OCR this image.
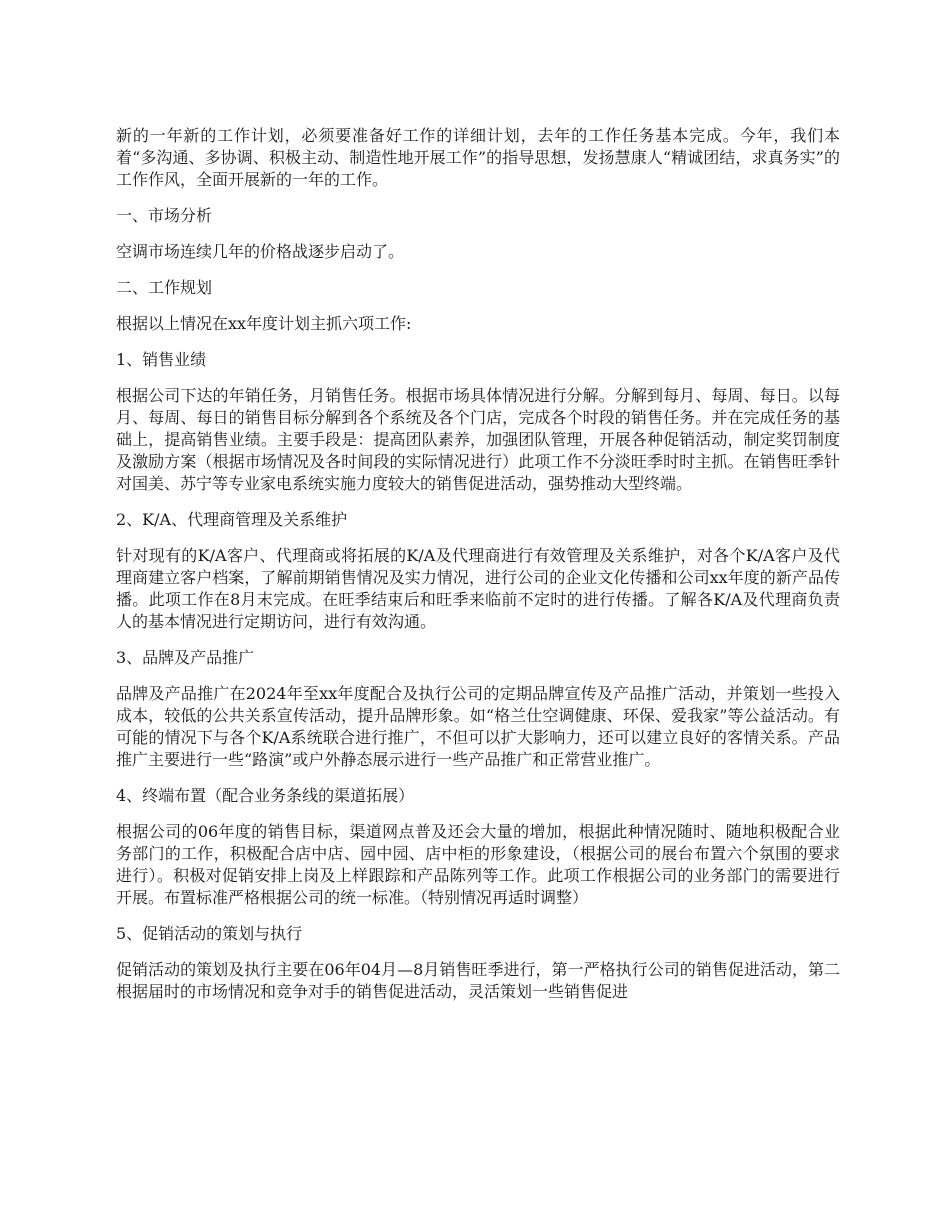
新的一年新的工作计划，必须要准备好工作的详细计划，去年的工作任务基本完成。今年，我们本着“多沟通、多协调、积极主动、制造性地开展工作”的指导思想，发扬慧康人“精诚团结，求真务实”的工作作风，全面开展新的一年的工作。

一、市场分析

空调市场连续几年的价格战逐步启动了。

二、工作规划

根据以上情况在xx年度计划主抓六项工作:

1、销售业绩

根据公司下达的年销任务，月销售任务。根据市场具体情况进行分解。分解到每月、每周、每日。以每月、每周、每日的销售目标分解到各个系统及各个门店，完成各个时段的销售任务。并在完成任务的基础上，提高销售业绩。主要手段是：提高团队素养，加强团队管理，开展各种促销活动，制定奖罚制度及激励方案（根据市场情况及各时间段的实际情况进行）此项工作不分淡旺季时时主抓。在销售旺季针对国美、苏宁等专业家电系统实施力度较大的销售促进活动，强势推动大型终端。

2、K/A、代理商管理及关系维护

针对现有的K/A客户、代理商或将拓展的K/A及代理商进行有效管理及关系维护，对各个K/A客户及代理商建立客户档案，了解前期销售情况及实力情况，进行公司的企业文化传播和公司xx年度的新产品传播。此项工作在8月末完成。在旺季结束后和旺季来临前不定时的进行传播。了解各K/A及代理商负责人的基本情况进行定期访问，进行有效沟通。

3、品牌及产品推广

品牌及产品推广在2024年至xx年度配合及执行公司的定期品牌宣传及产品推广活动，并策划一些投入成本，较低的公共关系宣传活动，提升品牌形象。如“格兰仕空调健康、环保、爱我家”等公益活动。有可能的情况下与各个K/A系统联合进行推广，不但可以扩大影响力，还可以建立良好的客情关系。产品推广主要进行一些“路演”或户外静态展示进行一些产品推广和正常营业推广。

4、终端布置（配合业务条线的渠道拓展）

根据公司的06年度的销售目标，渠道网点普及还会大量的增加，根据此种情况随时、随地积极配合业务部门的工作，积极配合店中店、园中园、店中柜的形象建设，（根据公司的展台布置六个氛围的要求进行）。积极对促销安排上岗及上样跟踪和产品陈列等工作。此项工作根据公司的业务部门的需要进行开展。布置标准严格根据公司的统一标准。（特别情况再适时调整）

5、促销活动的策划与执行

促销活动的策划及执行主要在06年04月—8月销售旺季进行，第一严格执行公司的销售促进活动，第二根据届时的市场情况和竞争对手的销售促进活动，灵活策划一些销售促进
